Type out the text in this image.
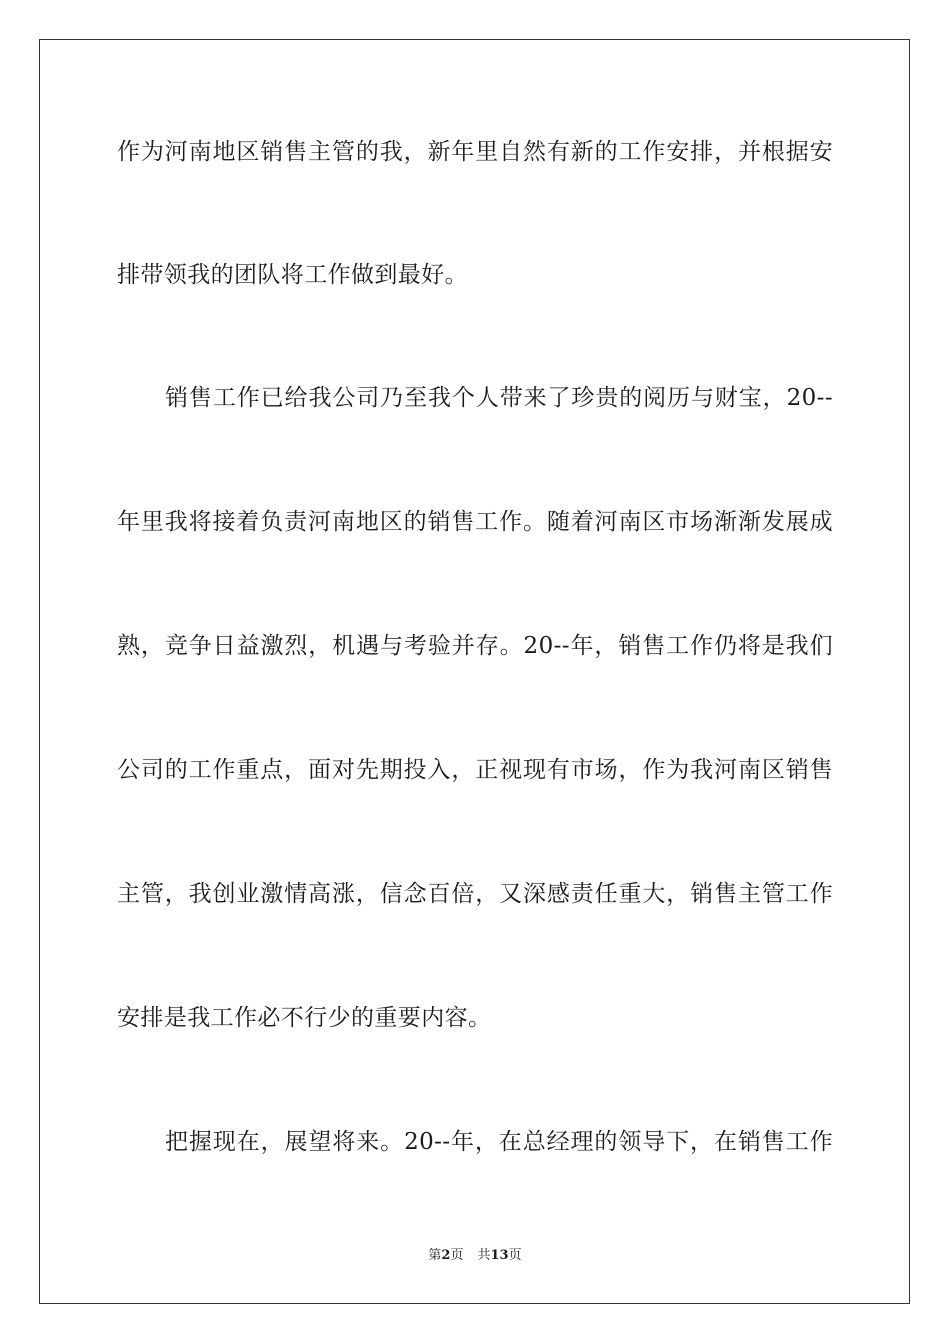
作为河南地区销售主管的我，新年里自然有新的工作安排，并根据安
排带领我的团队将工作做到最好。
销售工作已给我公司乃至我个人带来了珍贵的阅历与财宝，20--
年里我将接着负责河南地区的销售工作。随着河南区市场渐渐发展成
熟，竞争日益激烈，机遇与考验并存。20--年，销售工作仍将是我们
公司的工作重点，面对先期投入，正视现有市场，作为我河南区销售
主管，我创业激情高涨，信念百倍，又深感责任重大，销售主管工作
安排是我工作必不行少的重要内容。
把握现在，展望将来。20--年，在总经理的领导下，在销售工作
第2页 共13页
